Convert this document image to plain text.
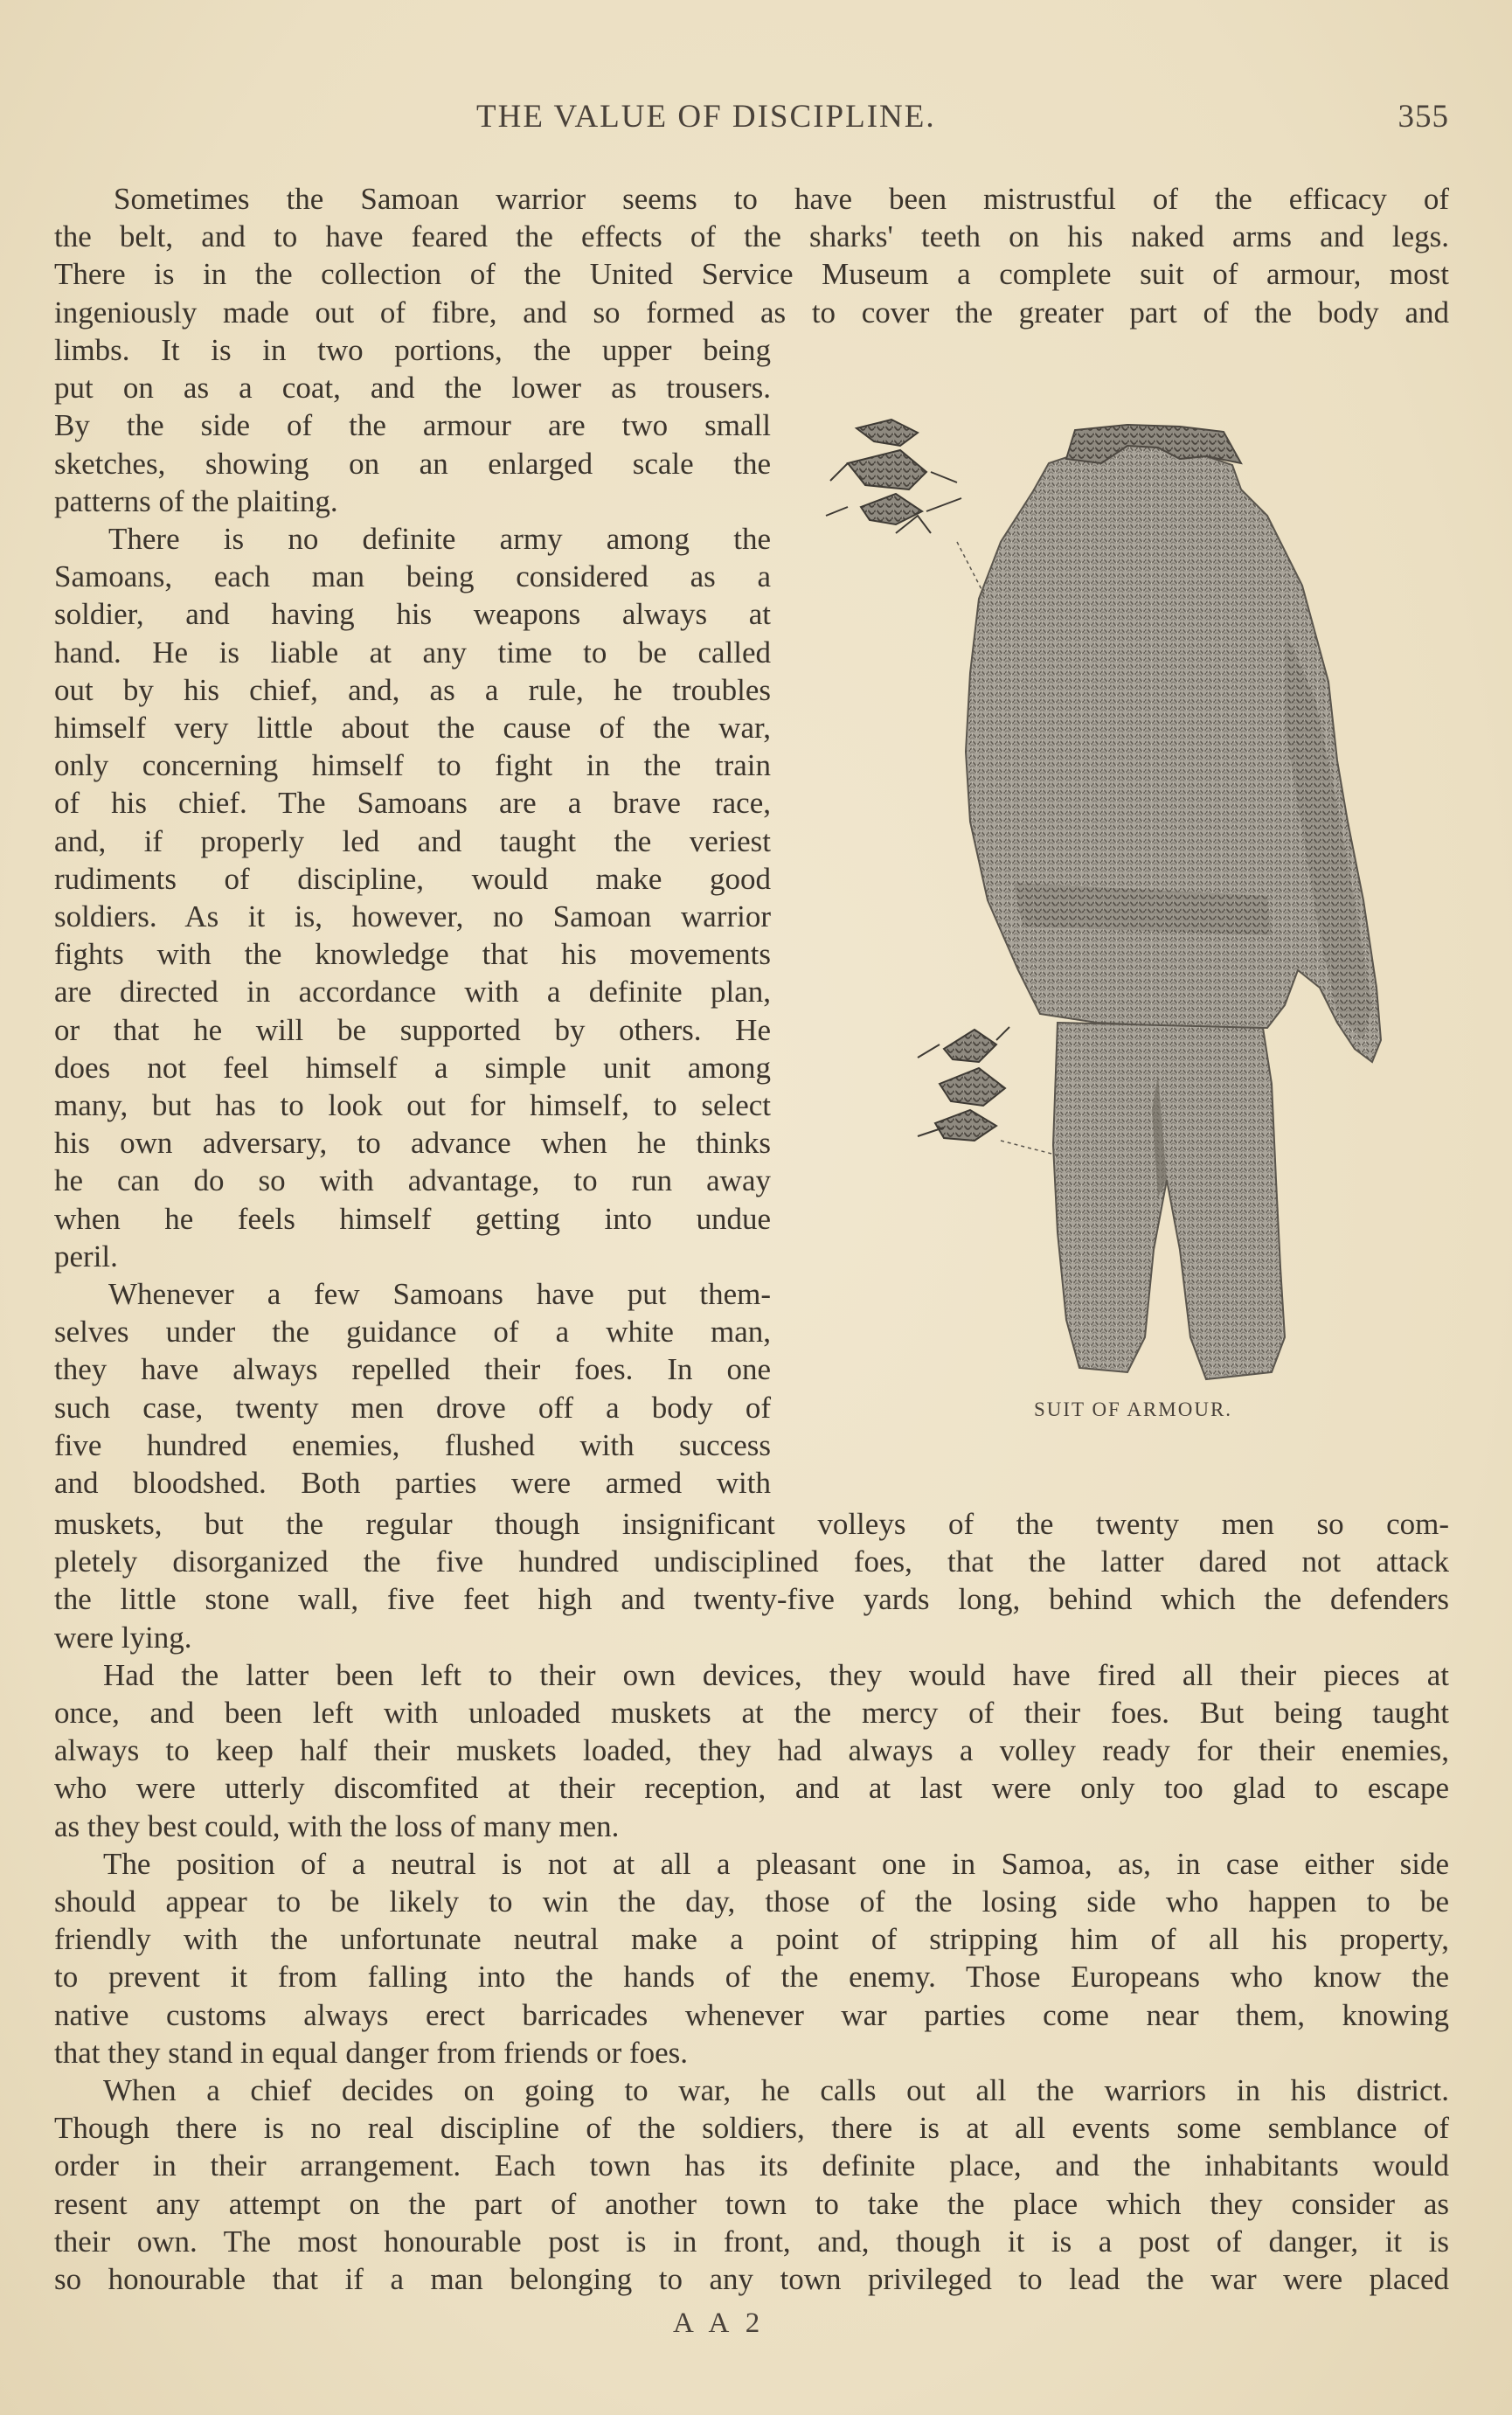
THE VALUE OF DISCIPLINE.	355
Sometimes the Samoan warrior seems to have been mistrustful of the efficacy of
the belt, and to have feared the effects of the sharks' teeth on his naked arms and legs.
There is in the collection of the United Service Museum a complete suit of armour, most
ingeniously made out of fibre, and so formed as to cover the greater part of the body and
limbs. It is in two portions, the upper being
put on as a coat, and the lower as trousers.
By the side of the armour are two small
sketches, showing on an enlarged scale the
patterns of the plaiting.
There is no definite army among the
Samoans, each man being considered as a
soldier, and having his weapons always at
hand. He is liable at any time to be called
out by his chief, and, as a rule, he troubles
himself very little about the cause of the war,
only concerning himself to fight in the train
of his chief. The Samoans are a brave race,
and, if properly led and taught the veriest
rudiments of discipline, would make good
soldiers. As it is, however, no Samoan warrior
fights with the knowledge that his movements
are directed in accordance with a definite plan,
or that he will be supported by others. He
does not feel himself a simple unit among
many, but has to look out for himself, to select
his own adversary, to advance when he thinks
he can do so with advantage, to run away
when he feels himself getting into undue
peril.
Whenever a few Samoans have put them-
selves under the guidance of a white man,
they have always repelled their foes. In one
such case, twenty men drove off a body of
five hundred enemies, flushed with success
and bloodshed. Both parties were armed with
muskets, but the regular though insignificant volleys of the twenty men so com-
pletely disorganized the five hundred undisciplined foes, that the latter dared not attack
the little stone wall, five feet high and twenty-five yards long, behind which the defenders
were lying.
Had the latter been left to their own devices, they would have fired all their pieces at
once, and been left with unloaded muskets at the mercy of their foes. But being taught
always to keep half their muskets loaded, they had always a volley ready for their enemies,
who were utterly discomfited at their reception, and at last were only too glad to escape
as they best could, with the loss of many men.
The position of a neutral is not at all a pleasant one in Samoa, as, in case either side
should appear to be likely to win the day, those of the losing side who happen to be
friendly with the unfortunate neutral make a point of stripping him of all his property,
to prevent it from falling into the hands of the enemy. Those Europeans who know the
native customs always erect barricades whenever war parties come near them, knowing
that they stand in equal danger from friends or foes.
When a chief decides on going to war, he calls out all the warriors in his district.
Though there is no real discipline of the soldiers, there is at all events some semblance of
order in their arrangement. Each town has its definite place, and the inhabitants would
resent any attempt on the part of another town to take the place which they consider as
their own. The most honourable post is in front, and, though it is a post of danger, it is
so honourable that if a man belonging to any town privileged to lead the war were placed
SUIT OF ARMOUR.
A A 2
